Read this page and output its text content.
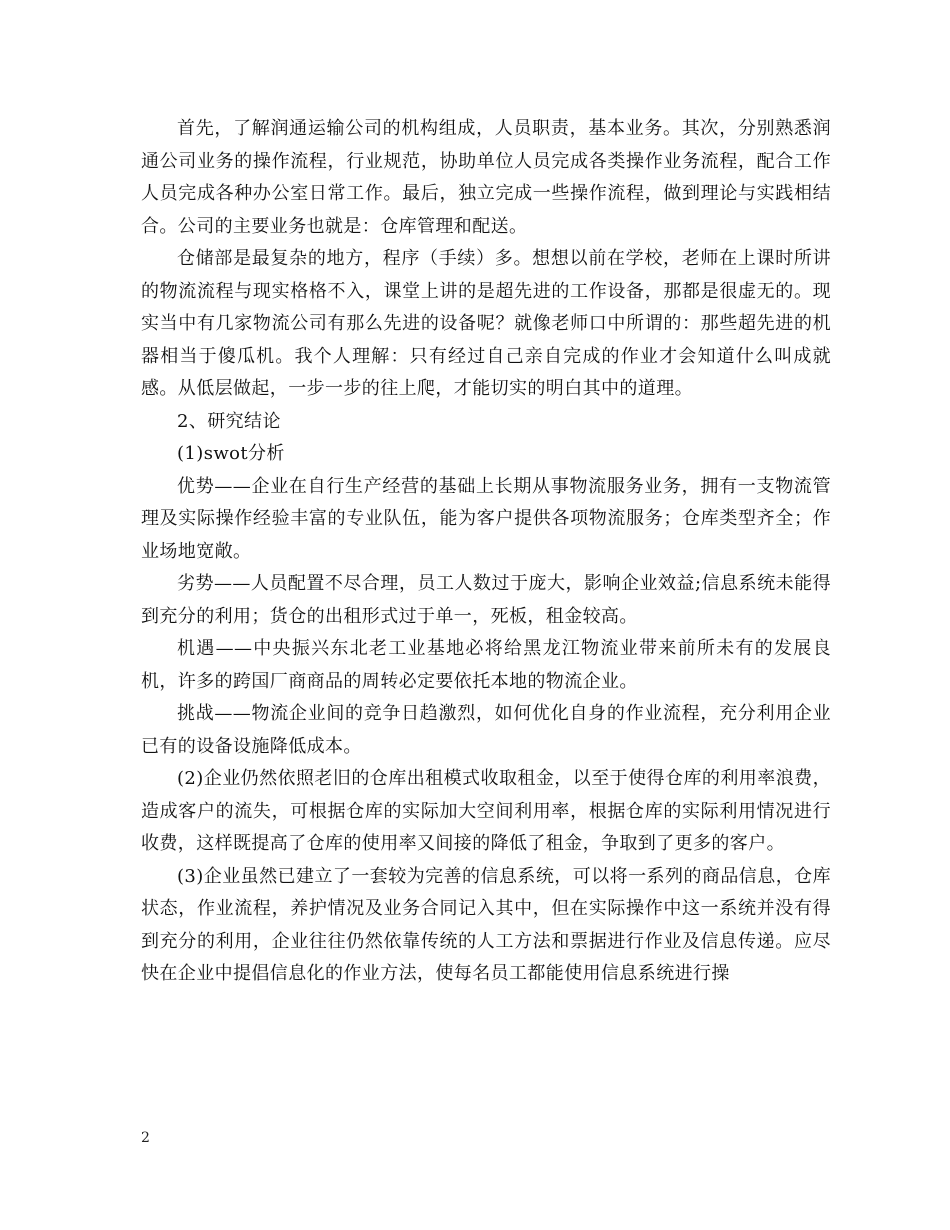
首先，了解润通运输公司的机构组成，人员职责，基本业务。其次，分别熟悉润通公司业务的操作流程，行业规范，协助单位人员完成各类操作业务流程，配合工作人员完成各种办公室日常工作。最后，独立完成一些操作流程，做到理论与实践相结合。公司的主要业务也就是：仓库管理和配送。

仓储部是最复杂的地方，程序（手续）多。想想以前在学校，老师在上课时所讲的物流流程与现实格格不入，课堂上讲的是超先进的工作设备，那都是很虚无的。现实当中有几家物流公司有那么先进的设备呢？就像老师口中所谓的：那些超先进的机器相当于傻瓜机。我个人理解：只有经过自己亲自完成的作业才会知道什么叫成就感。从低层做起，一步一步的往上爬，才能切实的明白其中的道理。

2、研究结论

(1)swot分析

优势——企业在自行生产经营的基础上长期从事物流服务业务，拥有一支物流管理及实际操作经验丰富的专业队伍，能为客户提供各项物流服务；仓库类型齐全；作业场地宽敞。

劣势——人员配置不尽合理，员工人数过于庞大，影响企业效益;信息系统未能得到充分的利用；货仓的出租形式过于单一，死板，租金较高。

机遇——中央振兴东北老工业基地必将给黑龙江物流业带来前所未有的发展良机，许多的跨国厂商商品的周转必定要依托本地的物流企业。

挑战——物流企业间的竞争日趋激烈，如何优化自身的作业流程，充分利用企业已有的设备设施降低成本。

(2)企业仍然依照老旧的仓库出租模式收取租金，以至于使得仓库的利用率浪费，造成客户的流失，可根据仓库的实际加大空间利用率，根据仓库的实际利用情况进行收费，这样既提高了仓库的使用率又间接的降低了租金，争取到了更多的客户。

(3)企业虽然已建立了一套较为完善的信息系统，可以将一系列的商品信息，仓库状态，作业流程，养护情况及业务合同记入其中，但在实际操作中这一系统并没有得到充分的利用，企业往往仍然依靠传统的人工方法和票据进行作业及信息传递。应尽快在企业中提倡信息化的作业方法，使每名员工都能使用信息系统进行操

2
